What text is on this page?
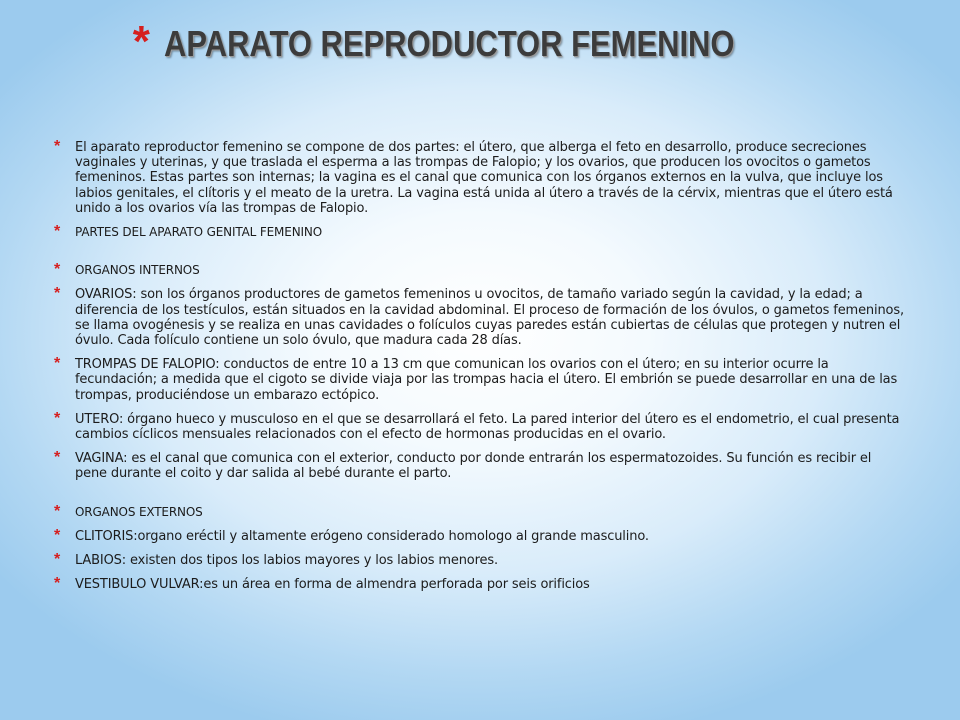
* APARATO REPRODUCTOR FEMENINO
* El aparato reproductor femenino se compone de dos partes: el útero, que alberga el feto en desarrollo, produce secreciones vaginales y uterinas, y que traslada el esperma a las trompas de Falopio; y los ovarios, que producen los ovocitos o gametos femeninos. Estas partes son internas; la vagina es el canal que comunica con los órganos externos en la vulva, que incluye los labios genitales, el clítoris y el meato de la uretra. La vagina está unida al útero a través de la cérvix, mientras que el útero está unido a los ovarios vía las trompas de Falopio.
* PARTES DEL APARATO GENITAL FEMENINO
* ORGANOS INTERNOS
* OVARIOS: son los órganos productores de gametos femeninos u ovocitos, de tamaño variado según la cavidad, y la edad; a diferencia de los testículos, están situados en la cavidad abdominal. El proceso de formación de los óvulos, o gametos femeninos, se llama ovogénesis y se realiza en unas cavidades o folículos cuyas paredes están cubiertas de células que protegen y nutren el óvulo. Cada folículo contiene un solo óvulo, que madura cada 28 días.
* TROMPAS DE FALOPIO: conductos de entre 10 a 13 cm que comunican los ovarios con el útero; en su interior ocurre la fecundación; a medida que el cigoto se divide viaja por las trompas hacia el útero. El embrión se puede desarrollar en una de las trompas, produciéndose un embarazo ectópico.
* UTERO: órgano hueco y musculoso en el que se desarrollará el feto. La pared interior del útero es el endometrio, el cual presenta cambios cíclicos mensuales relacionados con el efecto de hormonas producidas en el ovario.
* VAGINA: es el canal que comunica con el exterior, conducto por donde entrarán los espermatozoides. Su función es recibir el pene durante el coito y dar salida al bebé durante el parto.
* ORGANOS EXTERNOS
* CLITORIS:organo eréctil y altamente erógeno considerado homologo al grande masculino.
* LABIOS: existen dos tipos los labios mayores y los labios menores.
* VESTIBULO VULVAR:es un área en forma de almendra perforada por seis orificios
